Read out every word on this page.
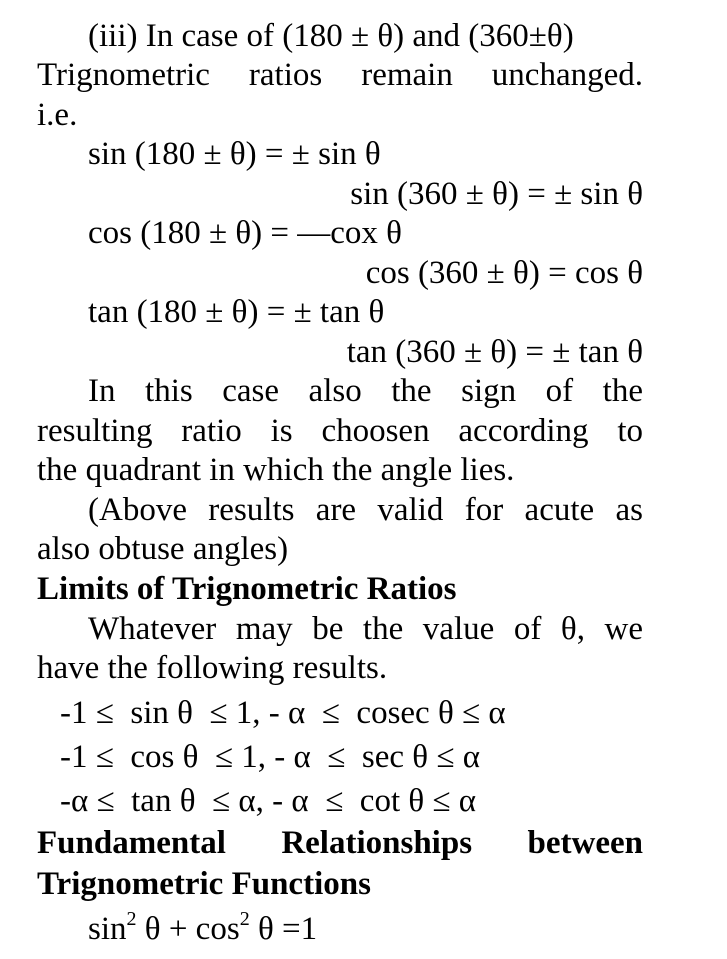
(iii) In case of (180 ± θ) and (360±θ)
Trignometric ratios remain unchanged.
i.e.
sin (180 ± θ) = ± sin θ
sin (360 ± θ) = ± sin θ
cos (180 ± θ) = —cox θ
cos (360 ± θ) = cos θ
tan (180 ± θ) = ± tan θ
tan (360 ± θ) = ± tan θ
In this case also the sign of the
resulting ratio is choosen according to
the quadrant in which the angle lies.
(Above results are valid for acute as
also obtuse angles)
Limits of Trignometric Ratios
Whatever may be the value of θ, we
have the following results.
-1 ≤  sin θ  ≤ 1, - α  ≤  cosec θ ≤ α
-1 ≤  cos θ  ≤ 1, - α  ≤  sec θ ≤ α
-α ≤  tan θ  ≤ α, - α  ≤  cot θ ≤ α
Fundamental Relationships between
Trignometric Functions
$\sin^2 \theta + \cos^2 \theta =1$
